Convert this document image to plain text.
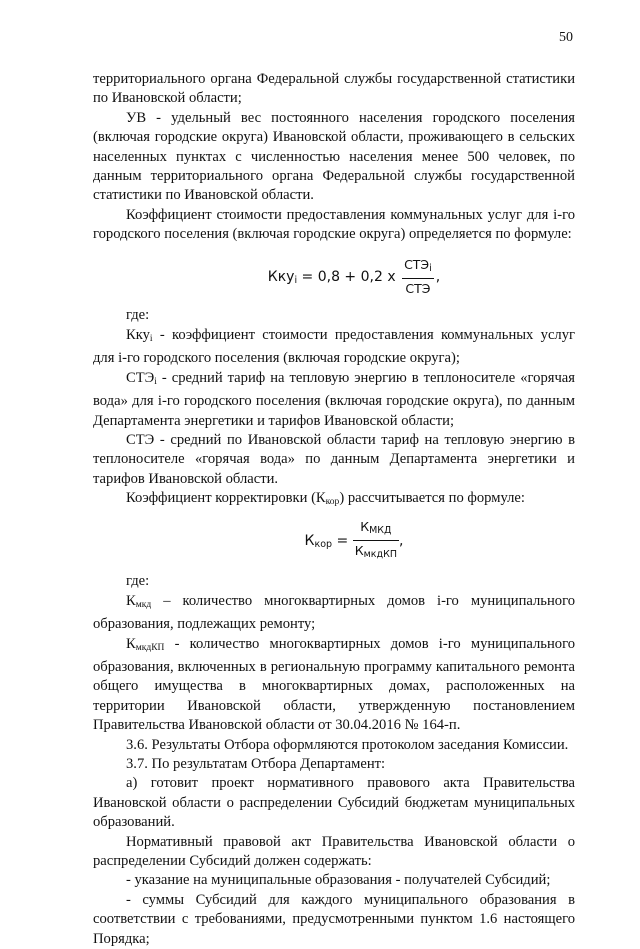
50

территориального органа Федеральной службы государственной статистики по Ивановской области;

УВ - удельный вес постоянного населения городского поселения (включая городские округа) Ивановской области, проживающего в сельских населенных пунктах с численностью населения менее 500 человек, по данным территориального органа Федеральной службы государственной статистики по Ивановской области.

Коэффициент стоимости предоставления коммунальных услуг для i-го городского поселения (включая городские округа) определяется по формуле:

Кку$_i$ = 0,8 + 0,2 x $\frac{СТЭ_i}{\text{СТЭ}}$ ,

где:

Кку$_i$ - коэффициент стоимости предоставления коммунальных услуг для i-го городского поселения (включая городские округа);

$СТЭ_i$ - средний тариф на тепловую энергию в теплоносителе «горячая вода» для i-го городского поселения (включая городские округа), по данным Департамента энергетики и тарифов Ивановской области;

СТЭ - средний по Ивановской области тариф на тепловую энергию в теплоносителе «горячая вода» по данным Департамента энергетики и тарифов Ивановской области.

Коэффициент корректировки $(К_{кор})$ рассчитывается по формуле:

$К_{кор} = \frac{К_{МКД}}{К_{мкдКП}}$ ,

где:

$К_{мкд}$ – количество многоквартирных домов i-го муниципального образования, подлежащих ремонту;

$К_{мкдКП}$ - количество многоквартирных домов i-го муниципального образования, включенных в региональную программу капитального ремонта общего имущества в многоквартирных домах, расположенных на территории Ивановской области, утвержденную постановлением Правительства Ивановской области от 30.04.2016 № 164-п.

3.6. Результаты Отбора оформляются протоколом заседания Комиссии.

3.7. По результатам Отбора Департамент:

а) готовит проект нормативного правового акта Правительства Ивановской области о распределении Субсидий бюджетам муниципальных образований.

Нормативный правовой акт Правительства Ивановской области о распределении Субсидий должен содержать:

- указание на муниципальные образования - получателей Субсидий;

- суммы Субсидий для каждого муниципального образования в соответствии с требованиями, предусмотренными пунктом 1.6 настоящего Порядка;
